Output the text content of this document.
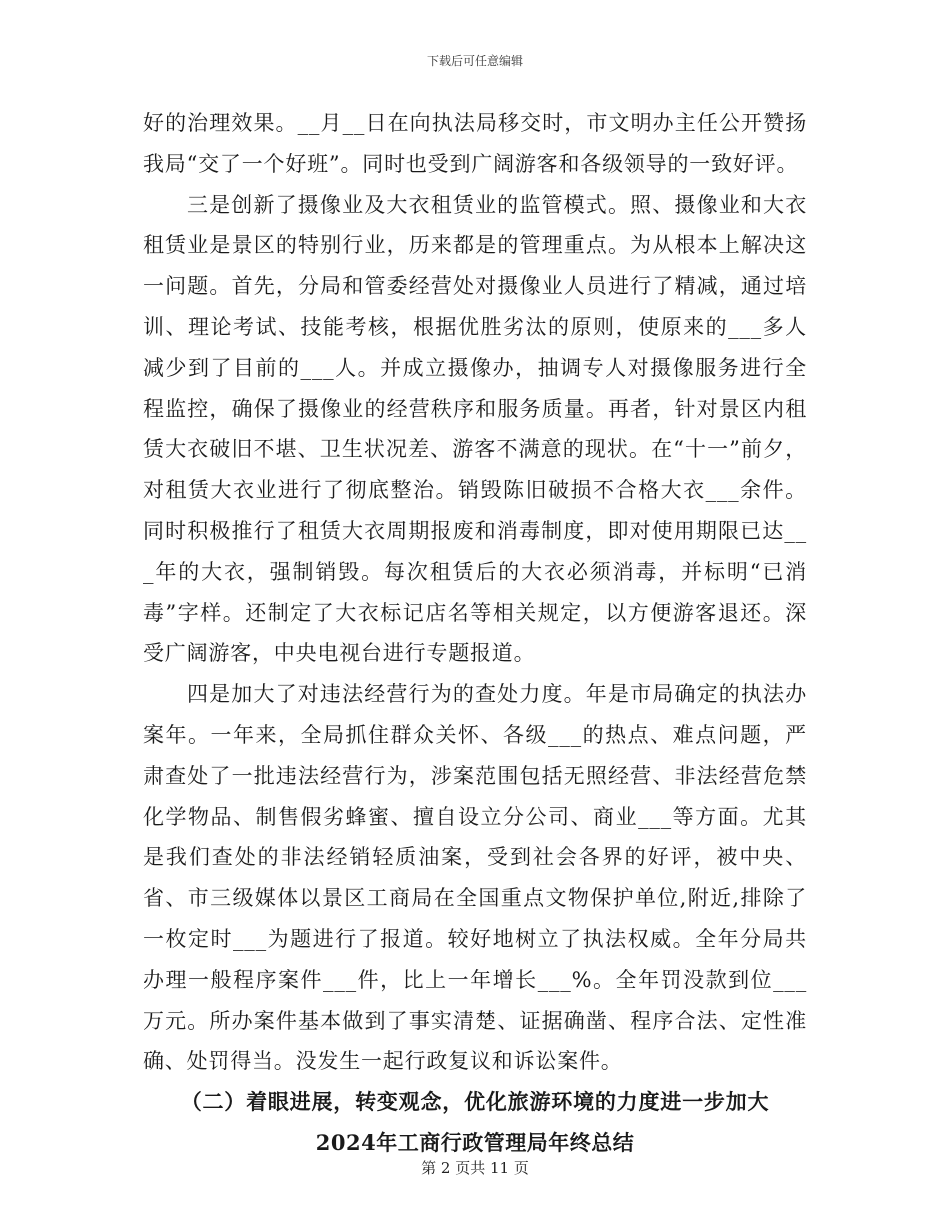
下载后可任意编辑

好的治理效果。__月__日在向执法局移交时，市文明办主任公开赞扬我局“交了一个好班”。同时也受到广阔游客和各级领导的一致好评。

三是创新了摄像业及大衣租赁业的监管模式。照、摄像业和大衣租赁业是景区的特别行业，历来都是的管理重点。为从根本上解决这一问题。首先，分局和管委经营处对摄像业人员进行了精减，通过培训、理论考试、技能考核，根据优胜劣汰的原则，使原来的___多人减少到了目前的___人。并成立摄像办，抽调专人对摄像服务进行全程监控，确保了摄像业的经营秩序和服务质量。再者，针对景区内租赁大衣破旧不堪、卫生状况差、游客不满意的现状。在“十一”前夕，对租赁大衣业进行了彻底整治。销毁陈旧破损不合格大衣___余件。同时积极推行了租赁大衣周期报废和消毒制度，即对使用期限已达___年的大衣，强制销毁。每次租赁后的大衣必须消毒，并标明“已消毒”字样。还制定了大衣标记店名等相关规定，以方便游客退还。深受广阔游客，中央电视台进行专题报道。

四是加大了对违法经营行为的查处力度。年是市局确定的执法办案年。一年来，全局抓住群众关怀、各级___的热点、难点问题，严肃查处了一批违法经营行为，涉案范围包括无照经营、非法经营危禁化学物品、制售假劣蜂蜜、擅自设立分公司、商业___等方面。尤其是我们查处的非法经销轻质油案，受到社会各界的好评，被中央、省、市三级媒体以景区工商局在全国重点文物保护单位,附近,排除了一枚定时___为题进行了报道。较好地树立了执法权威。全年分局共办理一般程序案件___件，比上一年增长___%。全年罚没款到位___万元。所办案件基本做到了事实清楚、证据确凿、程序合法、定性准确、处罚得当。没发生一起行政复议和诉讼案件。

（二）着眼进展，转变观念，优化旅游环境的力度进一步加大

2024年工商行政管理局年终总结

第 2 页共 11 页
